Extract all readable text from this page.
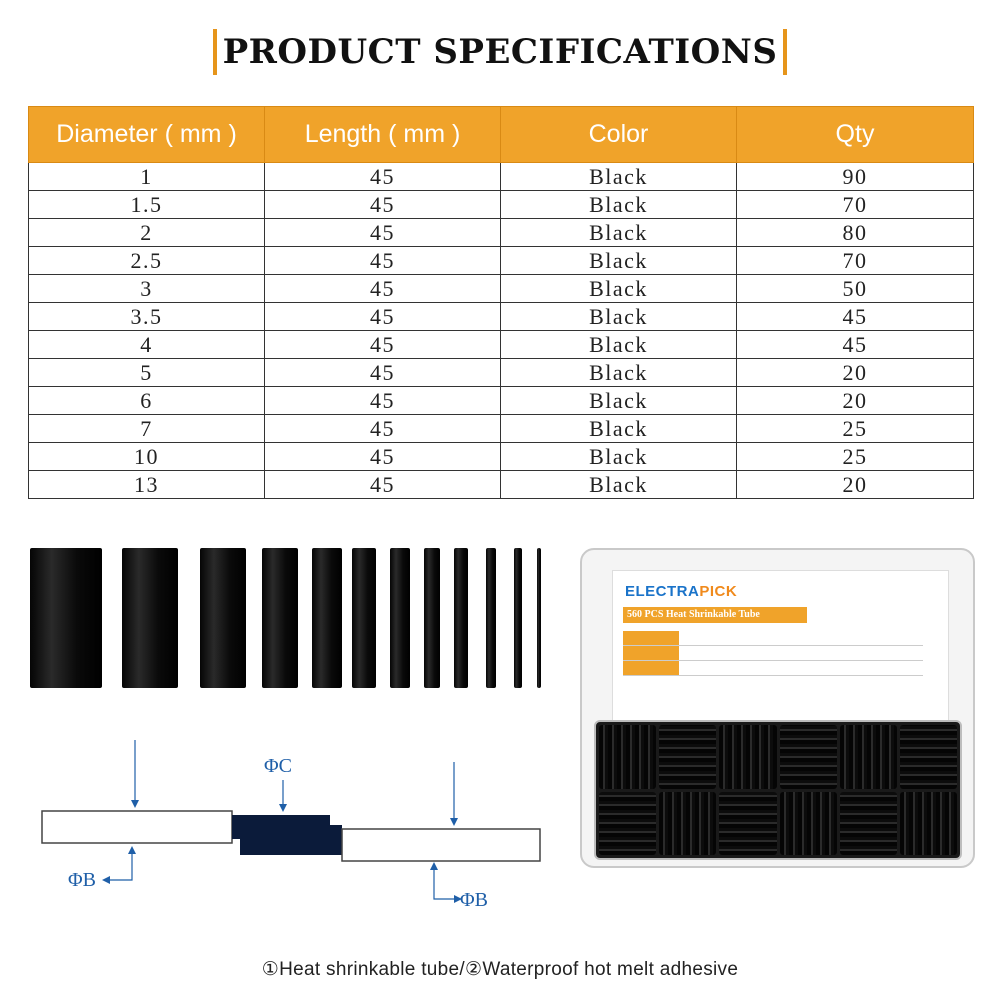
PRODUCT SPECIFICATIONS
Diameter ( mm )	Length ( mm )	Color	Qty
1	45	Black	90
1.5	45	Black	70
2	45	Black	80
2.5	45	Black	70
3	45	Black	50
3.5	45	Black	45
4	45	Black	45
5	45	Black	20
6	45	Black	20
7	45	Black	25
10	45	Black	25
13	45	Black	20
ΦC
ΦB
ΦB
ELECTRAPICK
560 PCS Heat Shrinkable Tube
①Heat shrinkable tube/②Waterproof hot melt adhesive
